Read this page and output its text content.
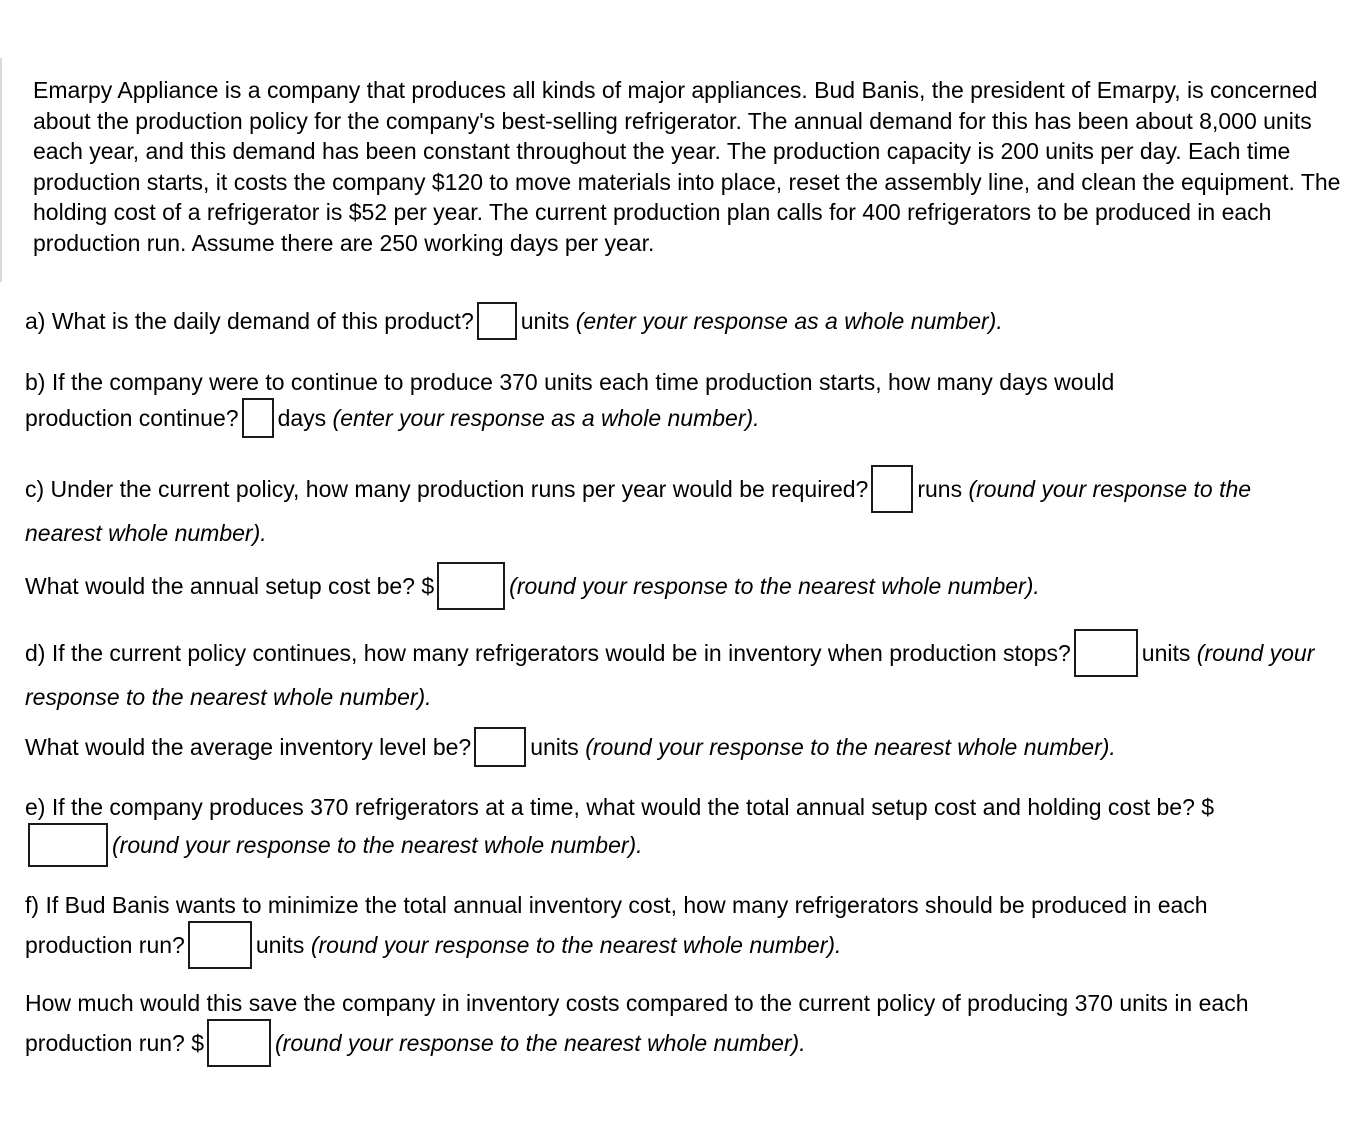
Emarpy Appliance is a company that produces all kinds of major appliances. Bud Banis, the president of Emarpy, is concerned about the production policy for the company's best-selling refrigerator. The annual demand for this has been about 8,000 units each year, and this demand has been constant throughout the year. The production capacity is 200 units per day. Each time production starts, it costs the company $120 to move materials into place, reset the assembly line, and clean the equipment. The holding cost of a refrigerator is $52 per year. The current production plan calls for 400 refrigerators to be produced in each production run. Assume there are 250 working days per year.

a) What is the daily demand of this product? units (enter your response as a whole number).

b) If the company were to continue to produce 370 units each time production starts, how many days would production continue? days (enter your response as a whole number).

c) Under the current policy, how many production runs per year would be required? runs (round your response to the nearest whole number).

What would the annual setup cost be? $	(round your response to the nearest whole number).

d) If the current policy continues, how many refrigerators would be in inventory when production stops?	units (round your response to the nearest whole number).

What would the average inventory level be?	units (round your response to the nearest whole number).

e) If the company produces 370 refrigerators at a time, what would the total annual setup cost and holding cost be? $(round your response to the nearest whole number).

f) If Bud Banis wants to minimize the total annual inventory cost, how many refrigerators should be produced in each production run?	units (round your response to the nearest whole number).

How much would this save the company in inventory costs compared to the current policy of producing 370 units in each production run? $	(round your response to the nearest whole number).
